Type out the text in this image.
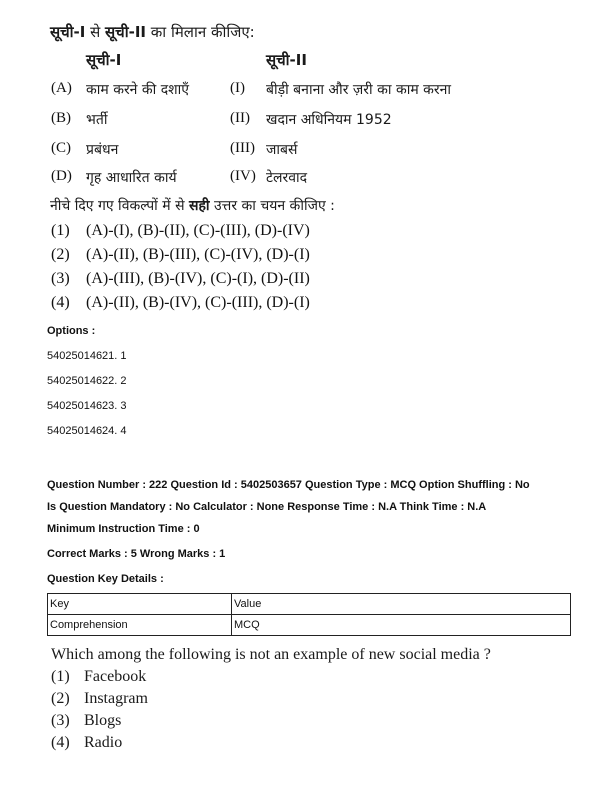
सूची-I से सूची-II का मिलान कीजिए:
सूची-I	सूची-II
(A) काम करने की दशाएँ	(I) बीड़ी बनाना और ज़री का काम करना
(B) भर्ती	(II) खदान अधिनियम 1952
(C) प्रबंधन	(III) जाबर्स
(D) गृह आधारित कार्य	(IV) टेलरवाद
नीचे दिए गए विकल्पों में से सही उत्तर का चयन कीजिए :
(1) (A)-(I), (B)-(II), (C)-(III), (D)-(IV)
(2) (A)-(II), (B)-(III), (C)-(IV), (D)-(I)
(3) (A)-(III), (B)-(IV), (C)-(I), (D)-(II)
(4) (A)-(II), (B)-(IV), (C)-(III), (D)-(I)
Options :
54025014621. 1
54025014622. 2
54025014623. 3
54025014624. 4
Question Number : 222 Question Id : 5402503657 Question Type : MCQ Option Shuffling : No
Is Question Mandatory : No Calculator : None Response Time : N.A Think Time : N.A
Minimum Instruction Time : 0
Correct Marks : 5 Wrong Marks : 1
Question Key Details :
Key	Value
Comprehension	MCQ
Which among the following is not an example of new social media ?
(1) Facebook
(2) Instagram
(3) Blogs
(4) Radio
